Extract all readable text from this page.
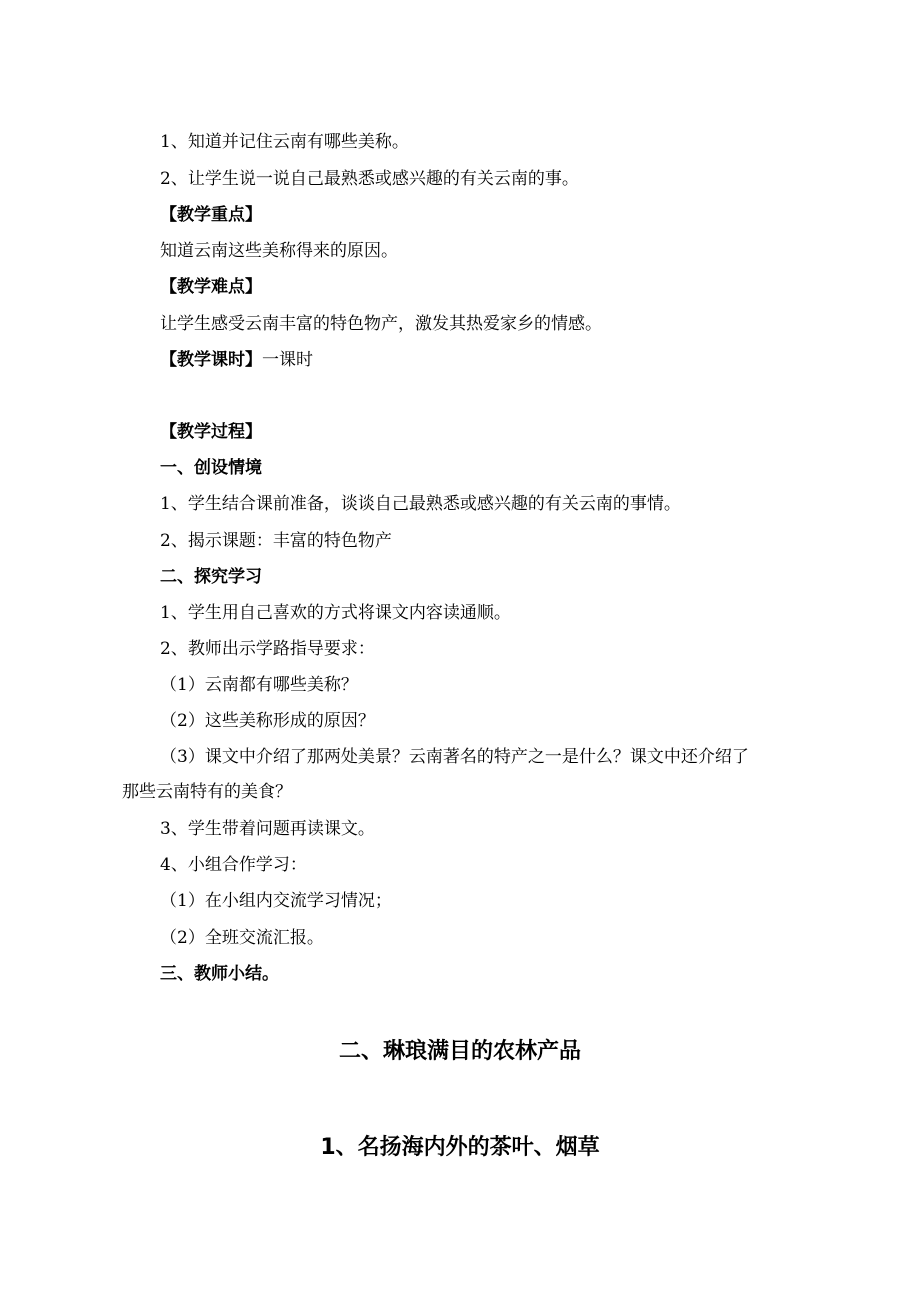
1、知道并记住云南有哪些美称。
2、让学生说一说自己最熟悉或感兴趣的有关云南的事。
【教学重点】
知道云南这些美称得来的原因。
【教学难点】
让学生感受云南丰富的特色物产，激发其热爱家乡的情感。
【教学课时】一课时
【教学过程】
一、创设情境
1、学生结合课前准备，谈谈自己最熟悉或感兴趣的有关云南的事情。
2、揭示课题：丰富的特色物产
二、探究学习
1、学生用自己喜欢的方式将课文内容读通顺。
2、教师出示学路指导要求：
（1）云南都有哪些美称？
（2）这些美称形成的原因？
（3）课文中介绍了那两处美景？云南著名的特产之一是什么？课文中还介绍了
那些云南特有的美食？
3、学生带着问题再读课文。
4、小组合作学习：
（1）在小组内交流学习情况；
（2）全班交流汇报。
三、教师小结。
二、琳琅满目的农林产品
1、名扬海内外的茶叶、烟草
